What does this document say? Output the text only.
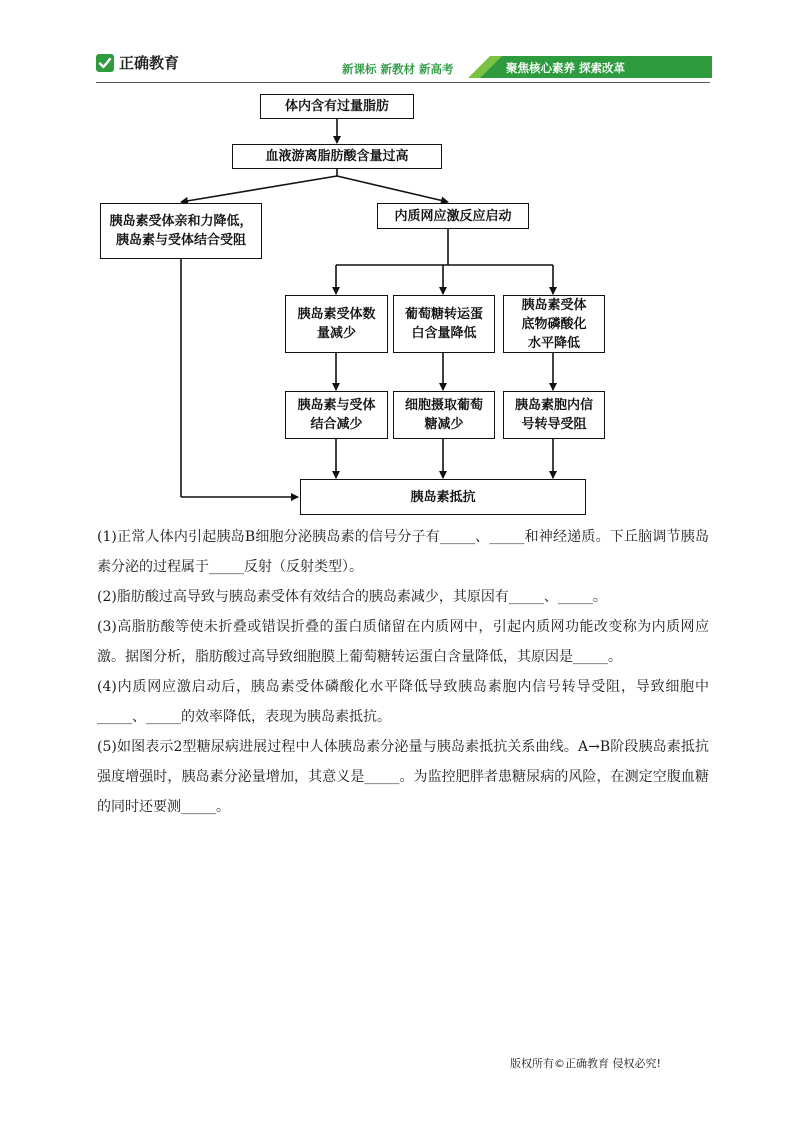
正确教育	新课标 新教材 新高考	聚焦核心素养 探索改革
体内含有过量脂肪
血液游离脂肪酸含量过高
胰岛素受体亲和力降低，
胰岛素与受体结合受阻
内质网应激反应启动
胰岛素受体数
量减少
葡萄糖转运蛋
白含量降低
胰岛素受体
底物磷酸化
水平降低
胰岛素与受体
结合减少
细胞摄取葡萄
糖减少
胰岛素胞内信
号转导受阻
胰岛素抵抗

(1)正常人体内引起胰岛B细胞分泌胰岛素的信号分子有_____、_____和神经递质。下丘脑调节胰岛素分泌的过程属于_____反射（反射类型）。

(2)脂肪酸过高导致与胰岛素受体有效结合的胰岛素减少，其原因有_____、_____。

(3)高脂肪酸等使未折叠或错误折叠的蛋白质储留在内质网中，引起内质网功能改变称为内质网应激。据图分析，脂肪酸过高导致细胞膜上葡萄糖转运蛋白含量降低，其原因是_____。

(4)内质网应激启动后，胰岛素受体磷酸化水平降低导致胰岛素胞内信号转导受阻，导致细胞中_____、_____的效率降低，表现为胰岛素抵抗。

(5)如图表示2型糖尿病进展过程中人体胰岛素分泌量与胰岛素抵抗关系曲线。A→B阶段胰岛素抵抗强度增强时，胰岛素分泌量增加，其意义是_____。为监控肥胖者患糖尿病的风险，在测定空腹血糖的同时还要测_____。

版权所有©正确教育 侵权必究!
